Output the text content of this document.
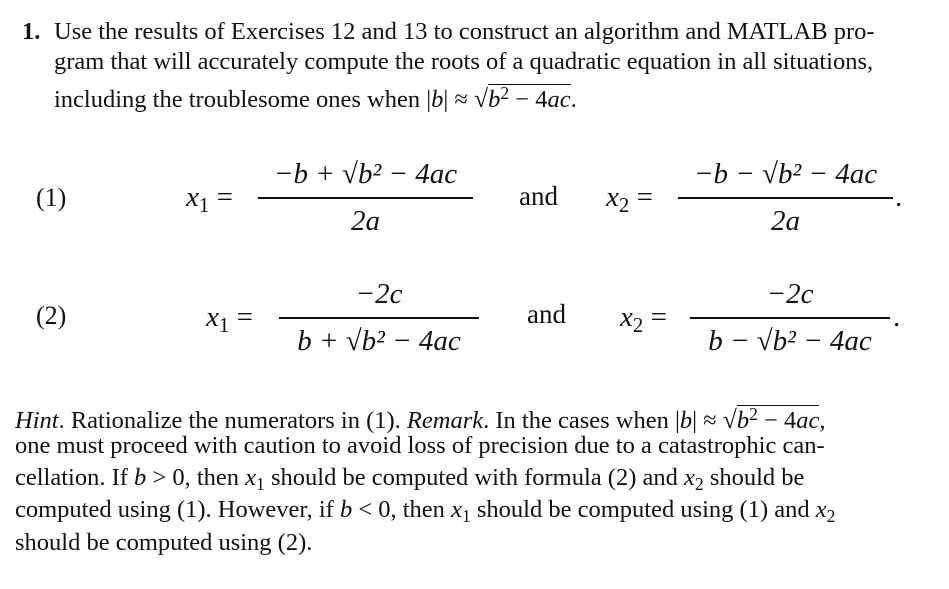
1. Use the results of Exercises 12 and 13 to construct an algorithm and MATLAB pro-
gram that will accurately compute the roots of a quadratic equation in all situations,
including the troublesome ones when $|b| \approx √b^2 - 4ac$.
(1)	$x_1$ =
−b + √b² − 4ac
2a
and $x_2$ =
−b − √b² − 4ac
2a
.
(2)	$x_1$ =
−2c
b + √b² − 4ac
and $x_2$ =
−2c
b − √b² − 4ac
.
Hint. Rationalize the numerators in (1). Remark. In the cases when $|b| \approx √b^2 - 4ac$,
one must proceed with caution to avoid loss of precision due to a catastrophic can-
cellation. If b > 0, then $x_1$ should be computed with formula (2) and $x_2$ should be
computed using (1). However, if b < 0, then $x_1$ should be computed using (1) and $x_2$
should be computed using (2).
